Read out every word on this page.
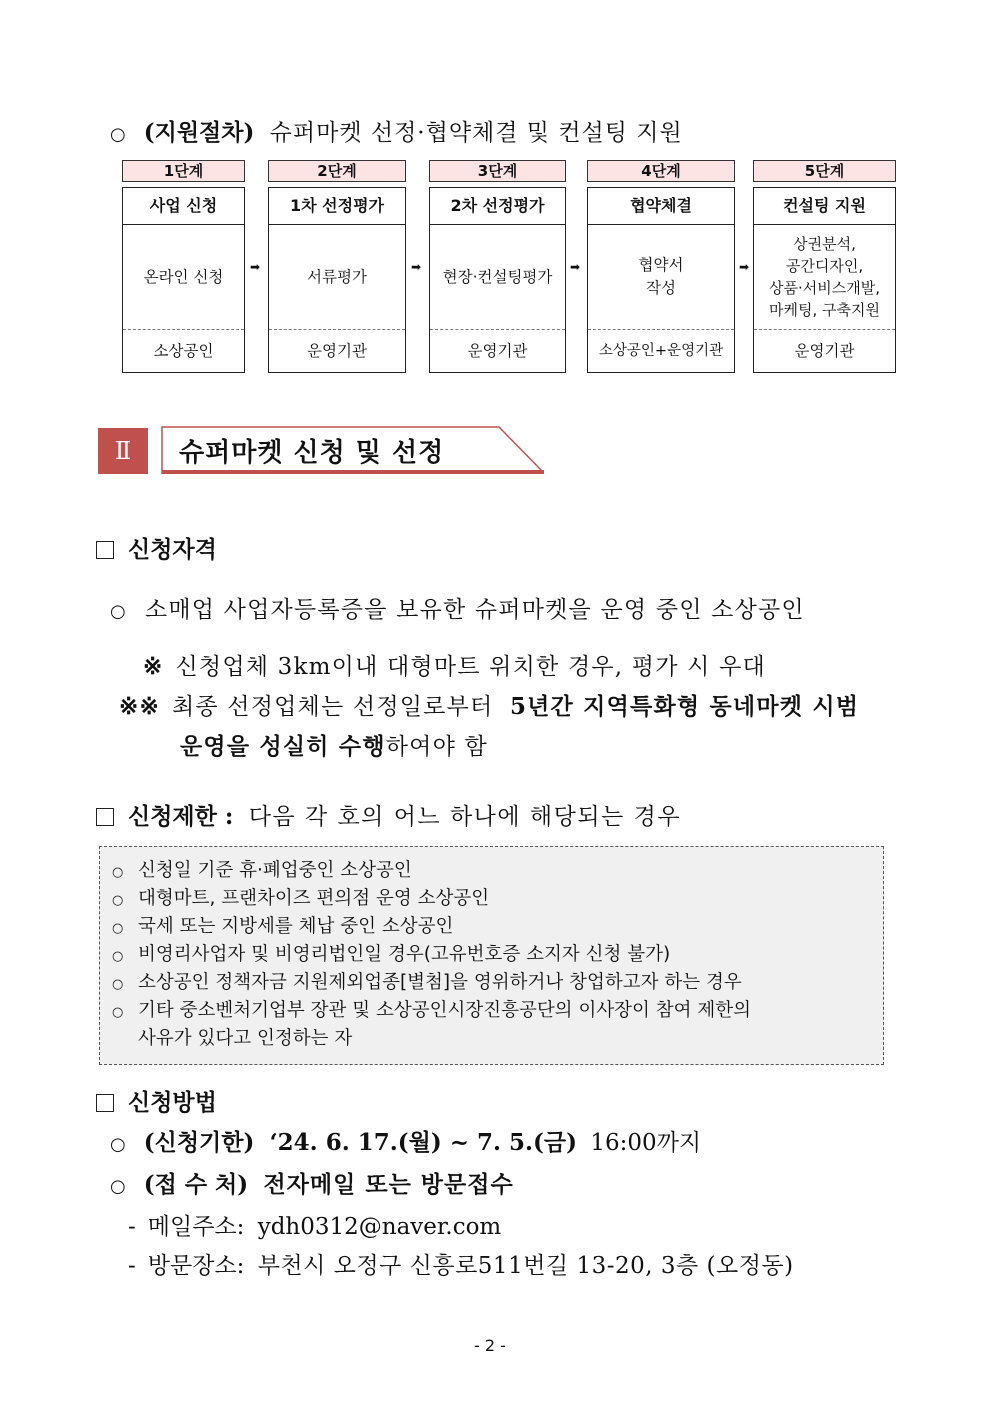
○ (지원절차) 슈퍼마켓 선정·협약체결 및 컨설팅 지원
1단계
사업 신청
온라인 신청
소상공인
➡
2단계
1차 선정평가
서류평가
운영기관
➡
3단계
2차 선정평가
현장·컨설팅평가
운영기관
➡
4단계
협약체결
협약서
작성
소상공인+운영기관
➡
5단계
컨설팅 지원
상권분석,
공간디자인,
상품·서비스개발,
마케팅, 구축지원
운영기관
Ⅱ	슈퍼마켓 신청 및 선정
신청자격
○ 소매업 사업자등록증을 보유한 슈퍼마켓을 운영 중인 소상공인
※ 신청업체 3km이내 대형마트 위치한 경우, 평가 시 우대
※※ 최종 선정업체는 선정일로부터 5년간 지역특화형 동네마켓 시범
운영을 성실히 수행하여야 함
신청제한 : 다음 각 호의 어느 하나에 해당되는 경우
○ 신청일 기준 휴·폐업중인 소상공인
○ 대형마트, 프랜차이즈 편의점 운영 소상공인
○ 국세 또는 지방세를 체납 중인 소상공인
○ 비영리사업자 및 비영리법인일 경우(고유번호증 소지자 신청 불가)
○ 소상공인 정책자금 지원제외업종[별첨]을 영위하거나 창업하고자 하는 경우
○ 기타 중소벤처기업부 장관 및 소상공인시장진흥공단의 이사장이 참여 제한의
사유가 있다고 인정하는 자
신청방법
○ (신청기한) ‘24. 6. 17.(월) ~ 7. 5.(금) 16:00까지
○ (접 수 처) 전자메일 또는 방문접수
- 메일주소: ydh0312@naver.com
- 방문장소: 부천시 오정구 신흥로511번길 13-20, 3층 (오정동)
- 2 -
